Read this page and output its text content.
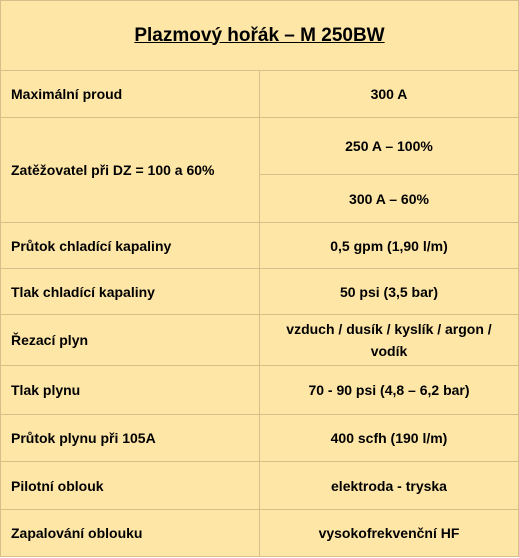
Plazmový hořák – M 250BW	
Maximální proud	300 A
Zatěžovatel při DZ = 100 a 60%	250 A – 100%
	300 A – 60%
Průtok chladící kapaliny	0,5 gpm (1,90 l/m)
Tlak chladící kapaliny	50 psi (3,5 bar)
Řezací plyn	vzduch / dusík / kyslík / argon / vodík
Tlak plynu	70 - 90 psi (4,8 – 6,2 bar)
Průtok plynu při 105A	400 scfh (190 l/m)
Pilotní oblouk	elektroda - tryska
Zapalování oblouku	vysokofrekvenční HF
